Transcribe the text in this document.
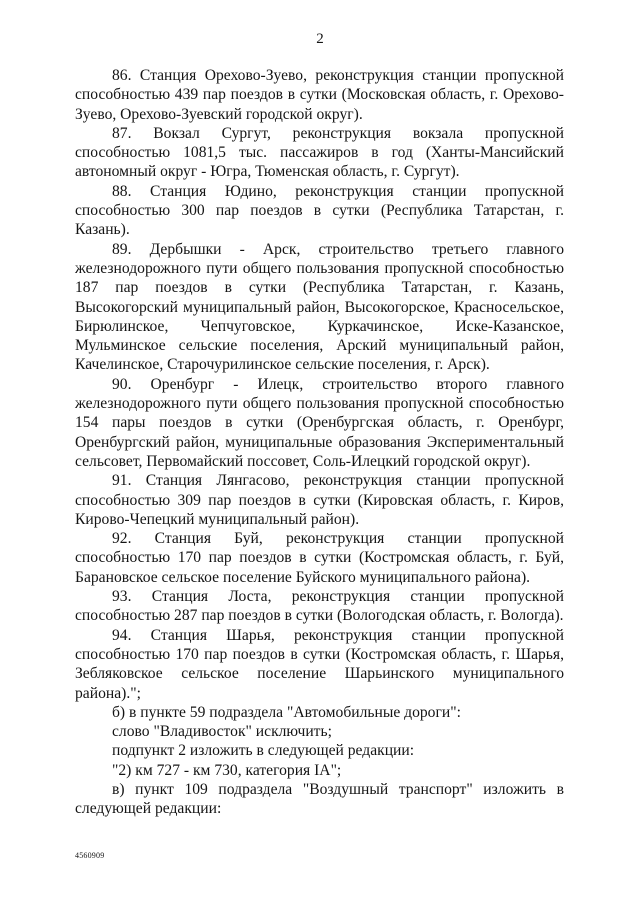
2

86. Станция Орехово-Зуево, реконструкция станции пропускной способностью 439 пар поездов в сутки (Московская область, г. Орехово-Зуево, Орехово-Зуевский городской округ).

87. Вокзал Сургут, реконструкция вокзала пропускной способностью 1081,5 тыс. пассажиров в год (Ханты-Мансийский автономный округ - Югра, Тюменская область, г. Сургут).

88. Станция Юдино, реконструкция станции пропускной способностью 300 пар поездов в сутки (Республика Татарстан, г. Казань).

89. Дербышки - Арск, строительство третьего главного железнодорожного пути общего пользования пропускной способностью 187 пар поездов в сутки (Республика Татарстан, г. Казань, Высокогорский муниципальный район, Высокогорское, Красносельское, Бирюлинское, Чепчуговское, Куркачинское, Иске-Казанское, Мульминское сельские поселения, Арский муниципальный район, Качелинское, Старочурилинское сельские поселения, г. Арск).

90. Оренбург - Илецк, строительство второго главного железнодорожного пути общего пользования пропускной способностью 154 пары поездов в сутки (Оренбургская область, г. Оренбург, Оренбургский район, муниципальные образования Экспериментальный сельсовет, Первомайский поссовет, Соль-Илецкий городской округ).

91. Станция Лянгасово, реконструкция станции пропускной способностью 309 пар поездов в сутки (Кировская область, г. Киров, Кирово-Чепецкий муниципальный район).

92. Станция Буй, реконструкция станции пропускной способностью 170 пар поездов в сутки (Костромская область, г. Буй, Барановское сельское поселение Буйского муниципального района).

93. Станция Лоста, реконструкция станции пропускной способностью 287 пар поездов в сутки (Вологодская область, г. Вологда).

94. Станция Шарья, реконструкция станции пропускной способностью 170 пар поездов в сутки (Костромская область, г. Шарья, Зебляковское сельское поселение Шарьинского муниципального района).";

б) в пункте 59 подраздела "Автомобильные дороги":

слово "Владивосток" исключить;

подпункт 2 изложить в следующей редакции:

"2) км 727 - км 730, категория IA";

в) пункт 109 подраздела "Воздушный транспорт" изложить в следующей редакции:

4560909
